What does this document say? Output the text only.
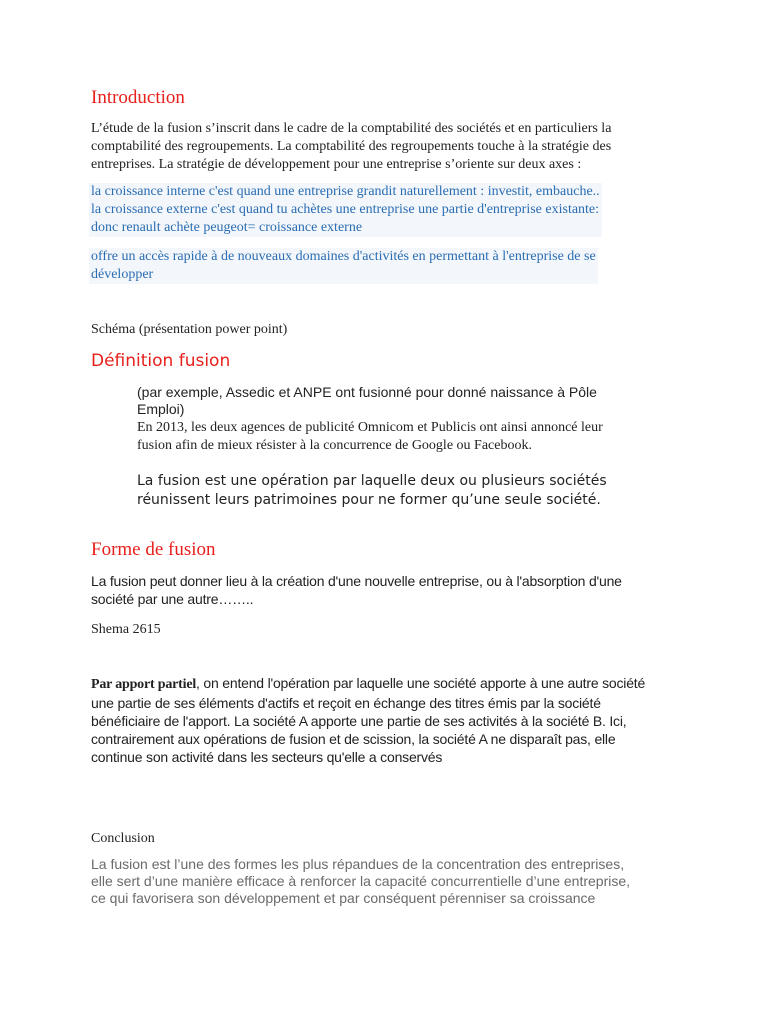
Introduction
L’étude de la fusion s’inscrit dans le cadre de la comptabilité des sociétés et en particuliers la
comptabilité des regroupements. La comptabilité des regroupements touche à la stratégie des
entreprises. La stratégie de développement pour une entreprise s’oriente sur deux axes :
la croissance interne c'est quand une entreprise grandit naturellement : investit, embauche..
la croissance externe c'est quand tu achètes une entreprise une partie d'entreprise existante:
donc renault achète peugeot= croissance externe
offre un accès rapide à de nouveaux domaines d'activités en permettant à l'entreprise de se
développer
Schéma (présentation power point)
Définition fusion
(par exemple, Assedic et ANPE ont fusionné pour donné naissance à Pôle
Emploi)
En 2013, les deux agences de publicité Omnicom et Publicis ont ainsi annoncé leur
fusion afin de mieux résister à la concurrence de Google ou Facebook.
La fusion est une opération par laquelle deux ou plusieurs sociétés
réunissent leurs patrimoines pour ne former qu’une seule société.
Forme de fusion
La fusion peut donner lieu à la création d'une nouvelle entreprise, ou à l'absorption d'une
société par une autre……..
Shema 2615
Par apport partiel, on entend l'opération par laquelle une société apporte à une autre société
une partie de ses éléments d'actifs et reçoit en échange des titres émis par la société
bénéficiaire de l'apport. La société A apporte une partie de ses activités à la société B. Ici,
contrairement aux opérations de fusion et de scission, la société A ne disparaît pas, elle
continue son activité dans les secteurs qu'elle a conservés
Conclusion
La fusion est l’une des formes les plus répandues de la concentration des entreprises,
elle sert d’une manière efficace à renforcer la capacité concurrentielle d’une entreprise,
ce qui favorisera son développement et par conséquent pérenniser sa croissance
